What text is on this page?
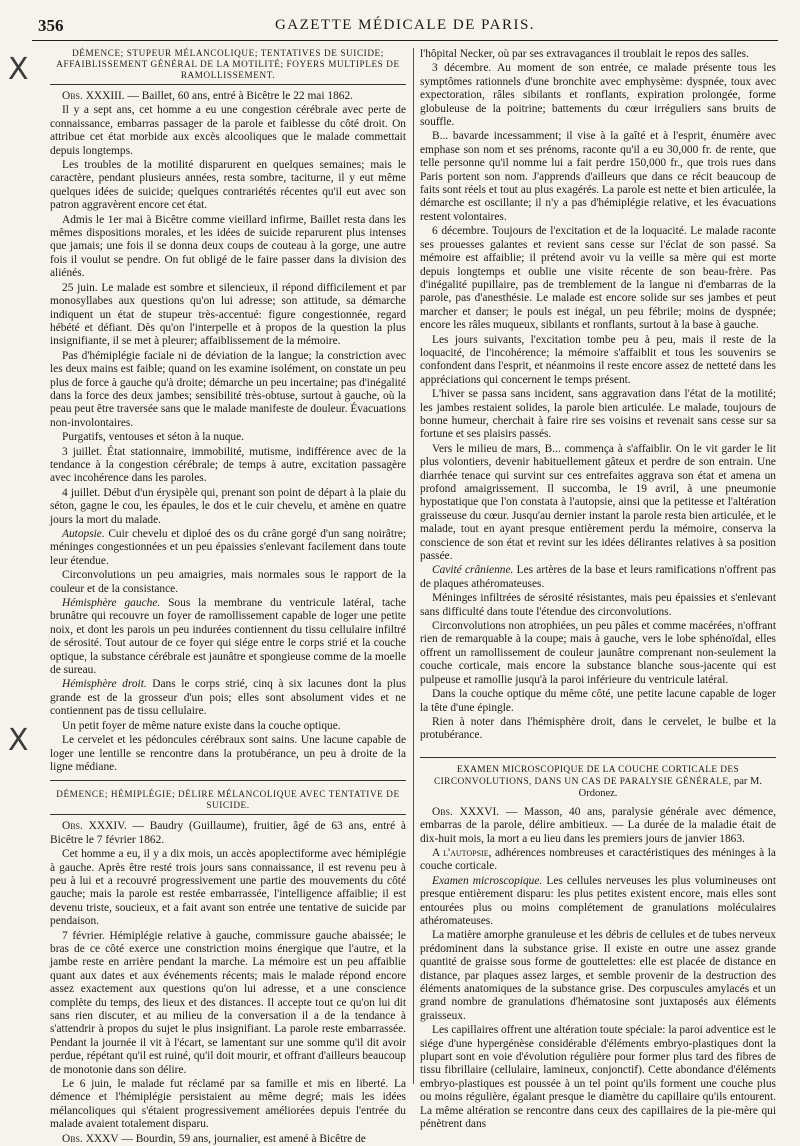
356	GAZETTE MÉDICALE DE PARIS.
X
X
DÉMENCE; STUPEUR MÉLANCOLIQUE; TENTATIVES DE SUICIDE; AFFAIBLISSEMENT GÉNÉRAL DE LA MOTILITÉ; FOYERS MULTIPLES DE RAMOLLISSEMENT.

Obs. XXXIII. — Baillet, 60 ans, entré à Bicêtre le 22 mai 1862.

Il y a sept ans, cet homme a eu une congestion cérébrale avec perte de connaissance, embarras passager de la parole et faiblesse du côté droit. On attribue cet état morbide aux excès alcooliques que le malade commettait depuis longtemps.

Les troubles de la motilité disparurent en quelques semaines; mais le caractère, pendant plusieurs années, resta sombre, taciturne, il y eut même quelques idées de suicide; quelques contrariétés récentes qu'il eut avec son patron aggravèrent encore cet état.

Admis le 1er mai à Bicêtre comme vieillard infirme, Baillet resta dans les mêmes dispositions morales, et les idées de suicide reparurent plus intenses que jamais; une fois il se donna deux coups de couteau à la gorge, une autre fois il voulut se pendre. On fut obligé de le faire passer dans la division des aliénés.

25 juin. Le malade est sombre et silencieux, il répond difficilement et par monosyllabes aux questions qu'on lui adresse; son attitude, sa démarche indiquent un état de stupeur très-accentué: figure congestionnée, regard hébété et défiant. Dès qu'on l'interpelle et à propos de la question la plus insignifiante, il se met à pleurer; affaiblissement de la mémoire.

Pas d'hémiplégie faciale ni de déviation de la langue; la constriction avec les deux mains est faible; quand on les examine isolément, on constate un peu plus de force à gauche qu'à droite; démarche un peu incertaine; pas d'inégalité dans la force des deux jambes; sensibilité très-obtuse, surtout à gauche, où la peau peut être traversée sans que le malade manifeste de douleur. Évacuations non-involontaires.

Purgatifs, ventouses et séton à la nuque.

3 juillet. État stationnaire, immobilité, mutisme, indifférence avec de la tendance à la congestion cérébrale; de temps à autre, excitation passagère avec incohérence dans les paroles.

4 juillet. Début d'un érysipèle qui, prenant son point de départ à la plaie du séton, gagne le cou, les épaules, le dos et le cuir chevelu, et amène en quatre jours la mort du malade.

Autopsie. Cuir chevelu et diploé des os du crâne gorgé d'un sang noirâtre; méninges congestionnées et un peu épaissies s'enlevant facilement dans toute leur étendue.

Circonvolutions un peu amaigries, mais normales sous le rapport de la couleur et de la consistance.

Hémisphère gauche. Sous la membrane du ventricule latéral, tache brunâtre qui recouvre un foyer de ramollissement capable de loger une petite noix, et dont les parois un peu indurées contiennent du tissu cellulaire infiltré de sérosité. Tout autour de ce foyer qui siége entre le corps strié et la couche optique, la substance cérébrale est jaunâtre et spongieuse comme de la moelle de sureau.

Hémisphère droit. Dans le corps strié, cinq à six lacunes dont la plus grande est de la grosseur d'un pois; elles sont absolument vides et ne contiennent pas de tissu cellulaire.

Un petit foyer de même nature existe dans la couche optique.

Le cervelet et les pédoncules cérébraux sont sains. Une lacune capable de loger une lentille se rencontre dans la protubérance, un peu à droite de la ligne médiane.

DÉMENCE; HÉMIPLÉGIE; DÉLIRE MÉLANCOLIQUE AVEC TENTATIVE DE SUICIDE.

Obs. XXXIV. — Baudry (Guillaume), fruitier, âgé de 63 ans, entré à Bicêtre le 7 février 1862.

Cet homme a eu, il y a dix mois, un accès apoplectiforme avec hémiplégie à gauche. Après être resté trois jours sans connaissance, il est revenu peu à peu à lui et a recouvré progressivement une partie des mouvements du côté gauche; mais la parole est restée embarrassée, l'intelligence affaiblie; il est devenu triste, soucieux, et a fait avant son entrée une tentative de suicide par pendaison.

7 février. Hémiplégie relative à gauche, commissure gauche abaissée; le bras de ce côté exerce une constriction moins énergique que l'autre, et la jambe reste en arrière pendant la marche. La mémoire est un peu affaiblie quant aux dates et aux événements récents; mais le malade répond encore assez exactement aux questions qu'on lui adresse, et a une conscience complète du temps, des lieux et des distances. Il accepte tout ce qu'on lui dit sans rien discuter, et au milieu de la conversation il a de la tendance à s'attendrir à propos du sujet le plus insignifiant. La parole reste embarrassée. Pendant la journée il vit à l'écart, se lamentant sur une somme qu'il dit avoir perdue, répétant qu'il est ruiné, qu'il doit mourir, et offrant d'ailleurs beaucoup de monotonie dans son délire.

Le 6 juin, le malade fut réclamé par sa famille et mis en liberté. La démence et l'hémiplégie persistaient au même degré; mais les idées mélancoliques qui s'étaient progressivement améliorées depuis l'entrée du malade avaient totalement disparu.

Obs. XXXV — Bourdin, 59 ans, journalier, est amené à Bicêtre de

l'hôpital Necker, où par ses extravagances il troublait le repos des salles.

3 décembre. Au moment de son entrée, ce malade présente tous les symptômes rationnels d'une bronchite avec emphysème: dyspnée, toux avec expectoration, râles sibilants et ronflants, expiration prolongée, forme globuleuse de la poitrine; battements du cœur irréguliers sans bruits de souffle.

B... bavarde incessamment; il vise à la gaîté et à l'esprit, énumère avec emphase son nom et ses prénoms, raconte qu'il a eu 30,000 fr. de rente, que telle personne qu'il nomme lui a fait perdre 150,000 fr., que trois rues dans Paris portent son nom. J'apprends d'ailleurs que dans ce récit beaucoup de faits sont réels et tout au plus exagérés. La parole est nette et bien articulée, la démarche est oscillante; il n'y a pas d'hémiplégie relative, et les évacuations restent volontaires.

6 décembre. Toujours de l'excitation et de la loquacité. Le malade raconte ses prouesses galantes et revient sans cesse sur l'éclat de son passé. Sa mémoire est affaiblie; il prétend avoir vu la veille sa mère qui est morte depuis longtemps et oublie une visite récente de son beau-frère. Pas d'inégalité pupillaire, pas de tremblement de la langue ni d'embarras de la parole, pas d'anesthésie. Le malade est encore solide sur ses jambes et peut marcher et danser; le pouls est inégal, un peu fébrile; moins de dyspnée; encore les râles muqueux, sibilants et ronflants, surtout à la base à gauche.

Les jours suivants, l'excitation tombe peu à peu, mais il reste de la loquacité, de l'incohérence; la mémoire s'affaiblit et tous les souvenirs se confondent dans l'esprit, et néanmoins il reste encore assez de netteté dans les appréciations qui concernent le temps présent.

L'hiver se passa sans incident, sans aggravation dans l'état de la motilité; les jambes restaient solides, la parole bien articulée. Le malade, toujours de bonne humeur, cherchait à faire rire ses voisins et revenait sans cesse sur sa fortune et ses plaisirs passés.

Vers le milieu de mars, B... commença à s'affaiblir. On le vit garder le lit plus volontiers, devenir habituellement gâteux et perdre de son entrain. Une diarrhée tenace qui survint sur ces entrefaites aggrava son état et amena un profond amaigrissement. Il succomba, le 19 avril, à une pneumonie hypostatique que l'on constata à l'autopsie, ainsi que la petitesse et l'altération graisseuse du cœur. Jusqu'au dernier instant la parole resta bien articulée, et le malade, tout en ayant presque entièrement perdu la mémoire, conserva la conscience de son état et revint sur les idées délirantes relatives à sa position passée.

Cavité crânienne. Les artères de la base et leurs ramifications n'offrent pas de plaques athéromateuses.

Méninges infiltrées de sérosité résistantes, mais peu épaissies et s'enlevant sans difficulté dans toute l'étendue des circonvolutions.

Circonvolutions non atrophiées, un peu pâles et comme macérées, n'offrant rien de remarquable à la coupe; mais à gauche, vers le lobe sphénoïdal, elles offrent un ramollissement de couleur jaunâtre comprenant non-seulement la couche corticale, mais encore la substance blanche sous-jacente qui est pulpeuse et ramollie jusqu'à la paroi inférieure du ventricule latéral.

Dans la couche optique du même côté, une petite lacune capable de loger la tête d'une épingle.

Rien à noter dans l'hémisphère droit, dans le cervelet, le bulbe et la protubérance.

EXAMEN MICROSCOPIQUE DE LA COUCHE CORTICALE DES CIRCONVOLUTIONS, DANS UN CAS DE PARALYSIE GÉNÉRALE, par M. Ordonez.

Obs. XXXVI. — Masson, 40 ans, paralysie générale avec démence, embarras de la parole, délire ambitieux. — La durée de la maladie était de dix-huit mois, la mort a eu lieu dans les premiers jours de janvier 1863.

A l'autopsie, adhérences nombreuses et caractéristiques des méninges à la couche corticale.

Examen microscopique. Les cellules nerveuses les plus volumineuses ont presque entièrement disparu: les plus petites existent encore, mais elles sont entourées plus ou moins complétement de granulations moléculaires athéromateuses.

La matière amorphe granuleuse et les débris de cellules et de tubes nerveux prédominent dans la substance grise. Il existe en outre une assez grande quantité de graisse sous forme de gouttelettes: elle est placée de distance en distance, par plaques assez larges, et semble provenir de la destruction des éléments anatomiques de la substance grise. Des corpuscules amylacés et un grand nombre de granulations d'hématosine sont juxtaposés aux éléments graisseux.

Les capillaires offrent une altération toute spéciale: la paroi adventice est le siége d'une hypergénèse considérable d'éléments embryo-plastiques dont la plupart sont en voie d'évolution régulière pour former plus tard des fibres de tissu fibrillaire (cellulaire, lamineux, conjonctif). Cette abondance d'éléments embryo-plastiques est poussée à un tel point qu'ils forment une couche plus ou moins régulière, égalant presque le diamètre du capillaire qu'ils entourent. La même altération se rencontre dans ceux des capillaires de la pie-mère qui pénètrent dans
